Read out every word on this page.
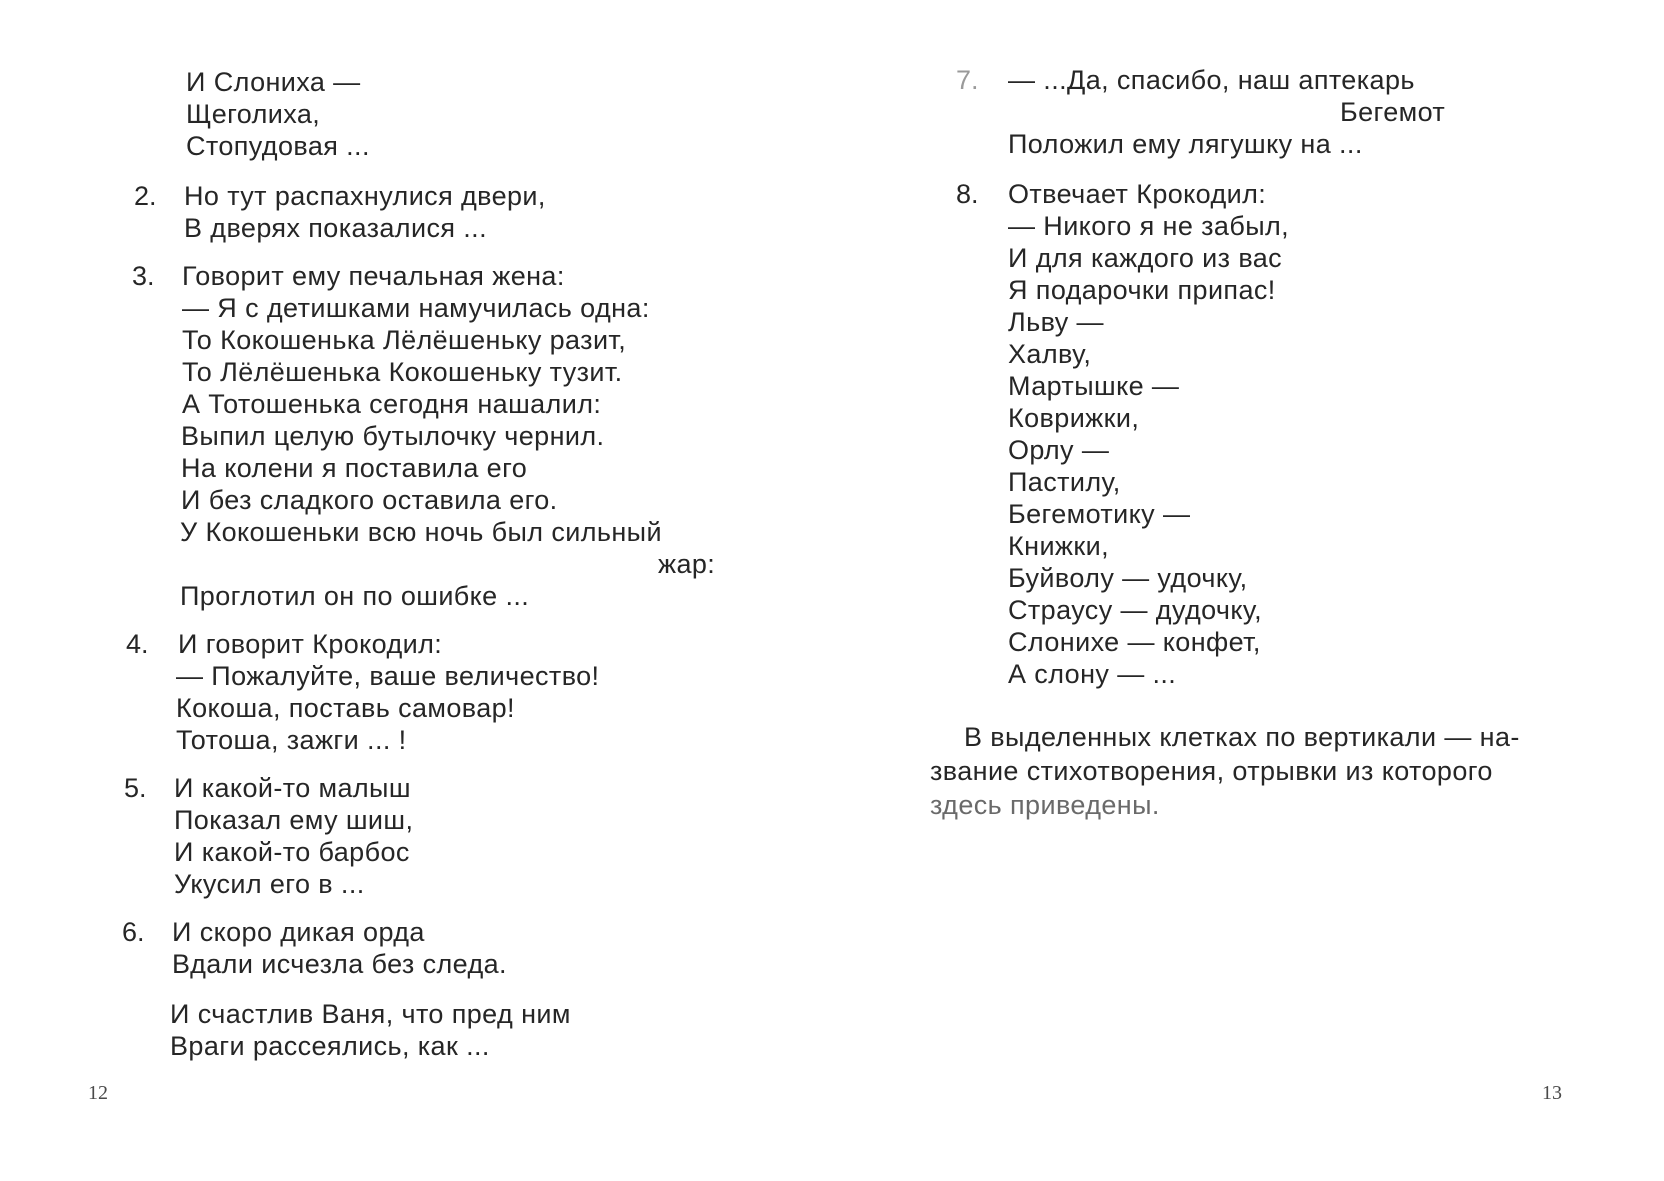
И Слониха —
Щеголиха,
Стопудовая ...
2. Но тут распахнулися двери,
В дверях показалися ...
3. Говорит ему печальная жена:
— Я с детишками намучилась одна:
То Кокошенька Лёлёшеньку разит,
То Лёлёшенька Кокошеньку тузит.
А Тотошенька сегодня нашалил:
Выпил целую бутылочку чернил.
На колени я поставила его
И без сладкого оставила его.
У Кокошеньки всю ночь был сильный
жар:
Проглотил он по ошибке ...
4. И говорит Крокодил:
— Пожалуйте, ваше величество!
Кокоша, поставь самовар!
Тотоша, зажги ... !
5. И какой-то малыш
Показал ему шиш,
И какой-то барбос
Укусил его в ...
6. И скоро дикая орда
Вдали исчезла без следа.
И счастлив Ваня, что пред ним
Враги рассеялись, как ...
12
7. — ...Да, спасибо, наш аптекарь
Бегемот
Положил ему лягушку на ...
8. Отвечает Крокодил:
— Никого я не забыл,
И для каждого из вас
Я подарочки припас!
Льву —
Халву,
Мартышке —
Коврижки,
Орлу —
Пастилу,
Бегемотику —
Книжки,
Буйволу — удочку,
Страусу — дудочку,
Слонихе — конфет,
А слону — ...
В выделенных клетках по вертикали — на-
звание стихотворения, отрывки из которого
здесь приведены.
13
